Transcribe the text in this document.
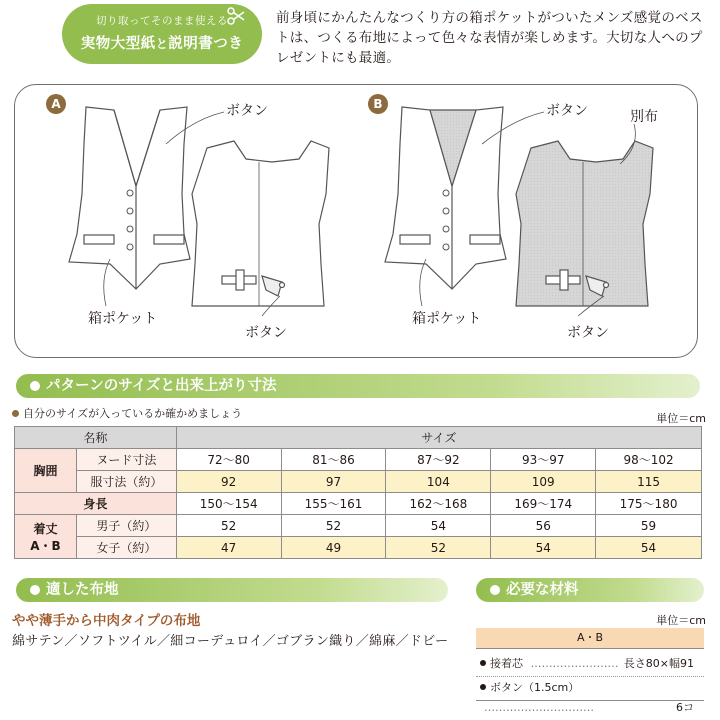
切り取ってそのまま使える
実物大型紙と説明書つき
前身頃にかんたんなつくり方の箱ポケットがついたメンズ感覚のベストは、つくる布地によって色々な表情が楽しめます。大切な人へのプレゼントにも最適。
A	B
ボタン
箱ポケット
ボタン
ボタン	別布
箱ポケット
ボタン
パターンのサイズと出来上がり寸法
自分のサイズが入っているか確かめましょう	単位＝cm
名称		サイズ				
胸囲	ヌード寸法	72〜80	81〜86	87〜92	93〜97	98〜102
	服寸法（約）	92	97	104	109	115
身長		150〜154	155〜161	162〜168	169〜174	175〜180

着丈
A・B	男子（約）	52	52	54	56	59
	女子（約）	47	49	52	54	54
適した布地
やや薄手から中肉タイプの布地
綿サテン／ソフトツイル／細コーデュロイ／ゴブラン織り／綿麻／ドビー
必要な材料
単位＝cm
A・B
接着芯 …………………… 長さ80×幅91
ボタン（1.5cm） …………………………	6コ
